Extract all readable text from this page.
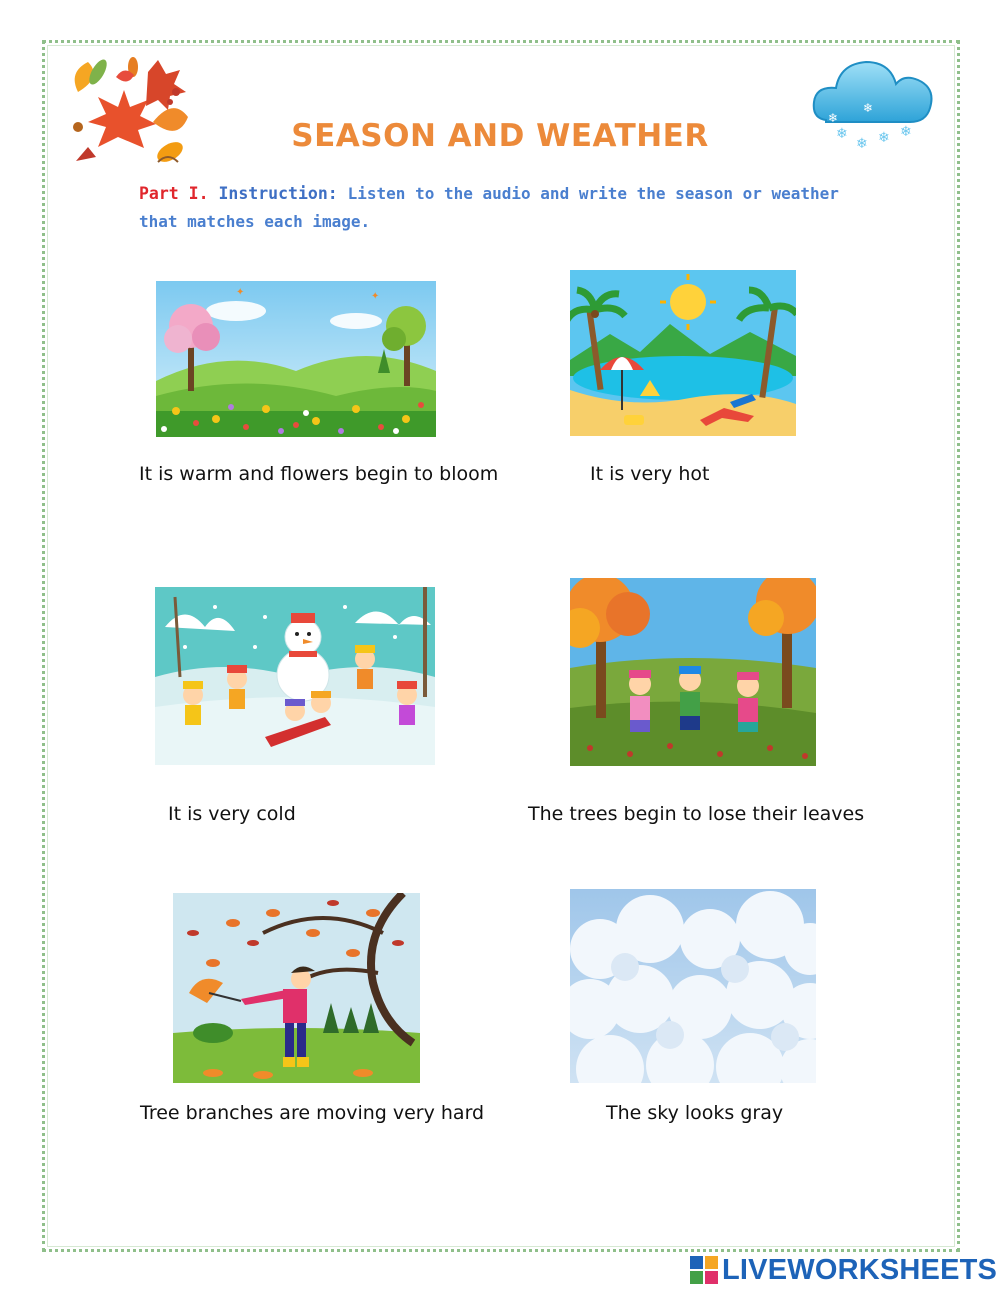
❄
❄ ❄ ❄
❄
❄
SEASON AND WEATHER
Part I. Instruction: Listen to the audio and write the season or weather that matches each image.
✦	✦
It is warm and flowers begin to bloom	It is very hot
It is very cold	The trees begin to lose their leaves
Tree branches are moving very hard	The sky looks gray
LIVEWORKSHEETS
